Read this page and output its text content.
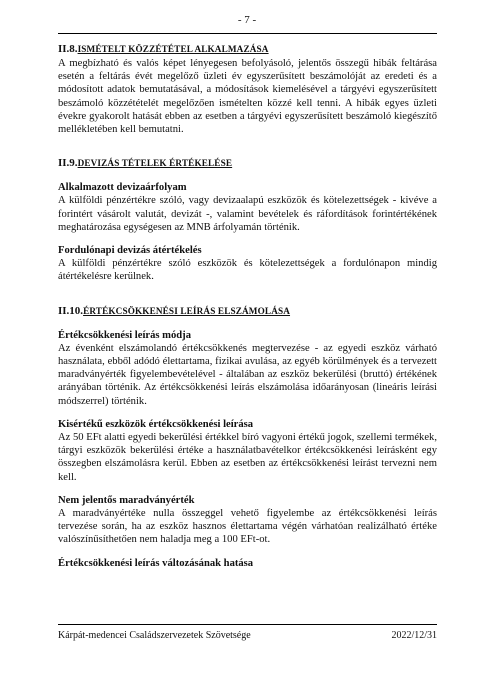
- 7 -
II.8.ISMÉTELT KÖZZÉTÉTEL ALKALMAZÁSA

A megbízható és valós képet lényegesen befolyásoló, jelentős összegű hibák feltárása esetén a feltárás évét megelőző üzleti év egyszerűsített beszámolóját az eredeti és a módosított adatok bemutatásával, a módosítások kiemelésével a tárgyévi egyszerűsített beszámoló közzétételét megelőzően ismételten közzé kell tenni. A hibák egyes üzleti évekre gyakorolt hatását ebben az esetben a tárgyévi egyszerűsített beszámoló kiegészítő mellékletében kell bemutatni.

II.9.DEVIZÁS TÉTELEK ÉRTÉKELÉSE
Alkalmazott devizaárfolyam

A külföldi pénzértékre szóló, vagy devizaalapú eszközök és kötelezettségek - kivéve a forintért vásárolt valutát, devizát -, valamint bevételek és ráfordítások forintértékének meghatározása egységesen az MNB árfolyamán történik.

Fordulónapi devizás átértékelés

A külföldi pénzértékre szóló eszközök és kötelezettségek a fordulónapon mindig átértékelésre kerülnek.

II.10.ÉRTÉKCSÖKKENÉSI LEÍRÁS ELSZÁMOLÁSA
Értékcsökkenési leírás módja

Az évenként elszámolandó értékcsökkenés megtervezése - az egyedi eszköz várható használata, ebből adódó élettartama, fizikai avulása, az egyéb körülmények és a tervezett maradványérték figyelembevételével - általában az eszköz bekerülési (bruttó) értékének arányában történik. Az értékcsökkenési leírás elszámolása időarányosan (lineáris leírási módszerrel) történik.

Kisértékű eszközök értékcsökkenési leírása

Az 50 EFt alatti egyedi bekerülési értékkel bíró vagyoni értékű jogok, szellemi termékek, tárgyi eszközök bekerülési értéke a használatbavételkor értékcsökkenési leírásként egy összegben elszámolásra kerül. Ebben az esetben az értékcsökkenési leírást tervezni nem kell.

Nem jelentős maradványérték

A maradványértéke nulla összeggel vehető figyelembe az értékcsökkenési leírás tervezése során, ha az eszköz hasznos élettartama végén várhatóan realizálható értéke valószínűsíthetően nem haladja meg a 100 EFt-ot.

Értékcsökkenési leírás változásának hatása
Kárpát-medencei Családszervezetek Szövetsége	2022/12/31
